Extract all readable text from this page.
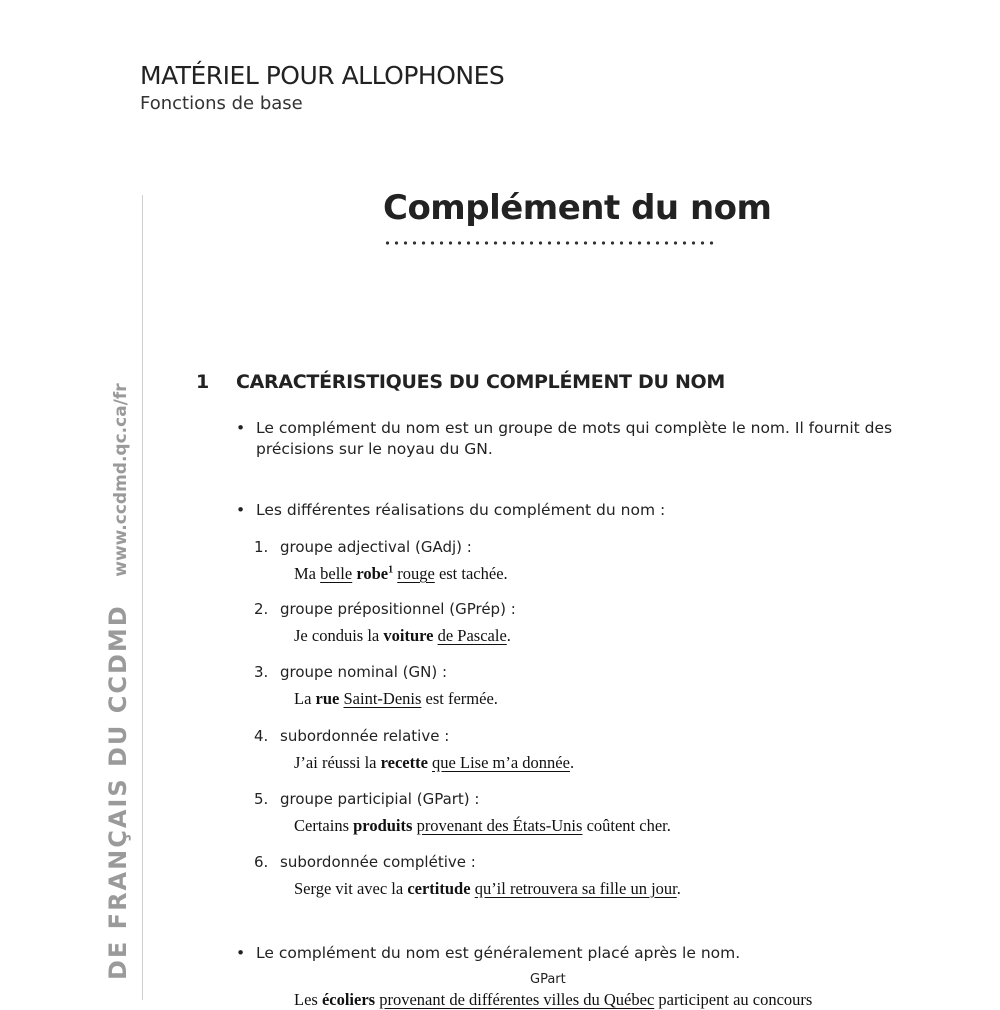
MATÉRIEL POUR ALLOPHONES
Fonctions de base
DE FRANÇAIS DU CCDMD www.ccdmd.qc.ca/fr
Complément du nom
1 CARACTÉRISTIQUES DU COMPLÉMENT DU NOM
• Le complément du nom est un groupe de mots qui complète le nom. Il fournit des précisions sur le noyau du GN.
• Les différentes réalisations du complément du nom :
1. groupe adjectival (GAdj) :
Ma belle robe$^1$ rouge est tachée.
2. groupe prépositionnel (GPrép) :
Je conduis la voiture de Pascale.
3. groupe nominal (GN) :
La rue Saint-Denis est fermée.
4. subordonnée relative :
J’ai réussi la recette que Lise m’a donnée.
5. groupe participial (GPart) :
Certains produits provenant des États-Unis coûtent cher.
6. subordonnée complétive :
Serge vit avec la certitude qu’il retrouvera sa fille un jour.
• Le complément du nom est généralement placé après le nom.
GPart
Les écoliers provenant de différentes villes du Québec participent au concours
